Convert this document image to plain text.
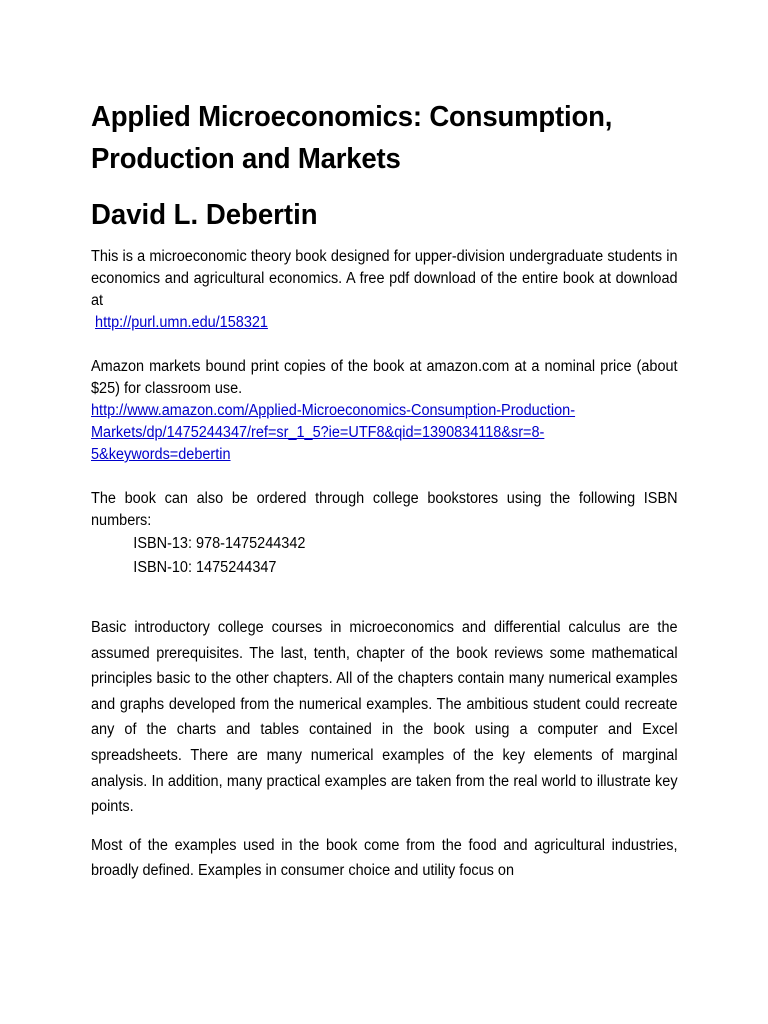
Applied Microeconomics: Consumption,
Production and Markets
David L. Debertin

This is a microeconomic theory book designed for upper-division undergraduate students in economics and agricultural economics. A free pdf download of the entire book at download at
http://purl.umn.edu/158321

Amazon markets bound print copies of the book at amazon.com at a nominal price (about $25) for classroom use.
http://www.amazon.com/Applied-Microeconomics-Consumption-Production-
Markets/dp/1475244347/ref=sr_1_5?ie=UTF8&qid=1390834118&sr=8-
5&keywords=debertin

The book can also be ordered through college bookstores using the following ISBN numbers:

ISBN-13: 978-1475244342

ISBN-10: 1475244347

Basic introductory college courses in microeconomics and differential calculus are the assumed prerequisites. The last, tenth, chapter of the book reviews some mathematical principles basic to the other chapters. All of the chapters contain many numerical examples and graphs developed from the numerical examples. The ambitious student could recreate any of the charts and tables contained in the book using a computer and Excel spreadsheets. There are many numerical examples of the key elements of marginal analysis. In addition, many practical examples are taken from the real world to illustrate key points.

Most of the examples used in the book come from the food and agricultural industries, broadly defined. Examples in consumer choice and utility focus on
